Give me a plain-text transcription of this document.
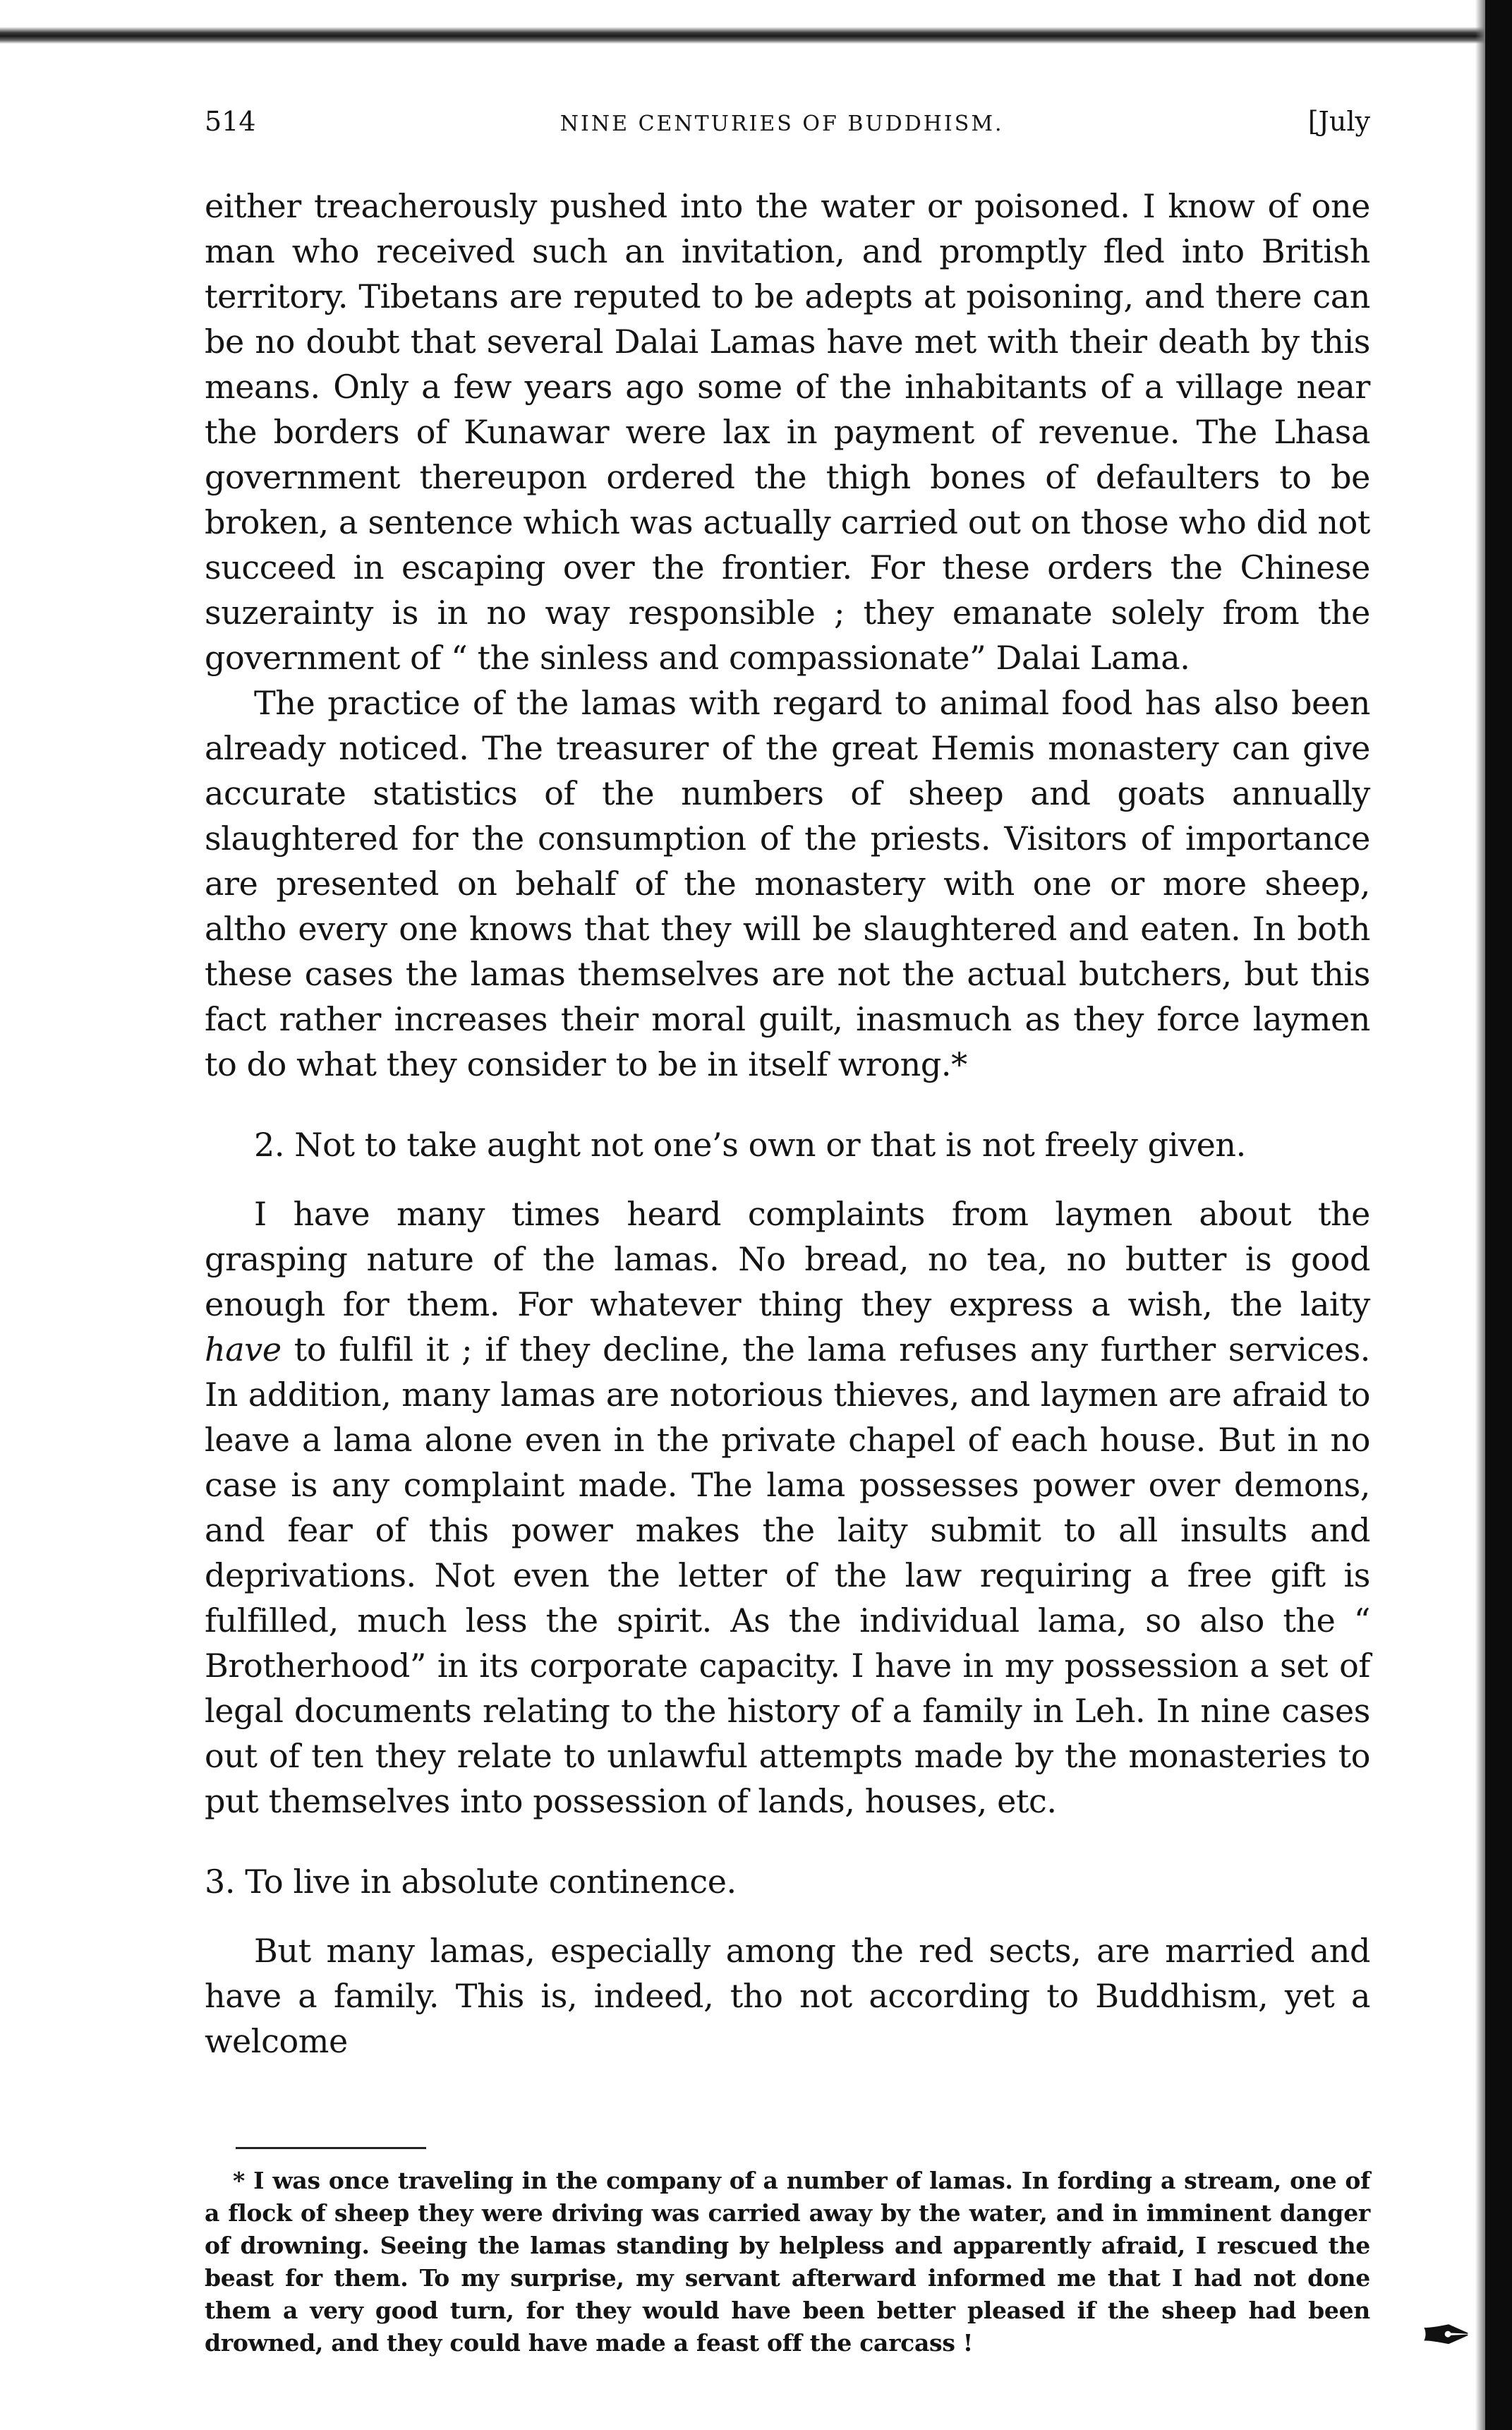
514	NINE CENTURIES OF BUDDHISM.	[July

either treacherously pushed into the water or poisoned. I know of one man who received such an invitation, and promptly fled into British territory. Tibetans are reputed to be adepts at poisoning, and there can be no doubt that several Dalai Lamas have met with their death by this means. Only a few years ago some of the inhabitants of a village near the borders of Kunawar were lax in payment of revenue. The Lhasa government thereupon ordered the thigh bones of defaulters to be broken, a sentence which was actually carried out on those who did not succeed in escaping over the frontier. For these orders the Chinese suzerainty is in no way responsible ; they emanate solely from the government of “ the sinless and compassionate” Dalai Lama.

The practice of the lamas with regard to animal food has also been already noticed. The treasurer of the great Hemis monastery can give accurate statistics of the numbers of sheep and goats annually slaughtered for the consumption of the priests. Visitors of importance are presented on behalf of the monastery with one or more sheep, altho every one knows that they will be slaughtered and eaten. In both these cases the lamas themselves are not the actual butchers, but this fact rather increases their moral guilt, inasmuch as they force laymen to do what they consider to be in itself wrong.*

2. Not to take aught not one’s own or that is not freely given.

I have many times heard complaints from laymen about the grasping nature of the lamas. No bread, no tea, no butter is good enough for them. For whatever thing they express a wish, the laity have to fulfil it ; if they decline, the lama refuses any further services. In addition, many lamas are notorious thieves, and laymen are afraid to leave a lama alone even in the private chapel of each house. But in no case is any complaint made. The lama possesses power over demons, and fear of this power makes the laity submit to all insults and deprivations. Not even the letter of the law requiring a free gift is fulfilled, much less the spirit. As the individual lama, so also the “ Brotherhood” in its corporate capacity. I have in my possession a set of legal documents relating to the history of a family in Leh. In nine cases out of ten they relate to unlawful attempts made by the monasteries to put themselves into possession of lands, houses, etc.

3. To live in absolute continence.

But many lamas, especially among the red sects, are married and have a family. This is, indeed, tho not according to Buddhism, yet a welcome

* I was once traveling in the company of a number of lamas. In fording a stream, one of a flock of sheep they were driving was carried away by the water, and in imminent danger of drowning. Seeing the lamas standing by helpless and apparently afraid, I rescued the beast for them. To my surprise, my servant afterward informed me that I had not done them a very good turn, for they would have been better pleased if the sheep had been drowned, and they could have made a feast off the carcass !	✒
